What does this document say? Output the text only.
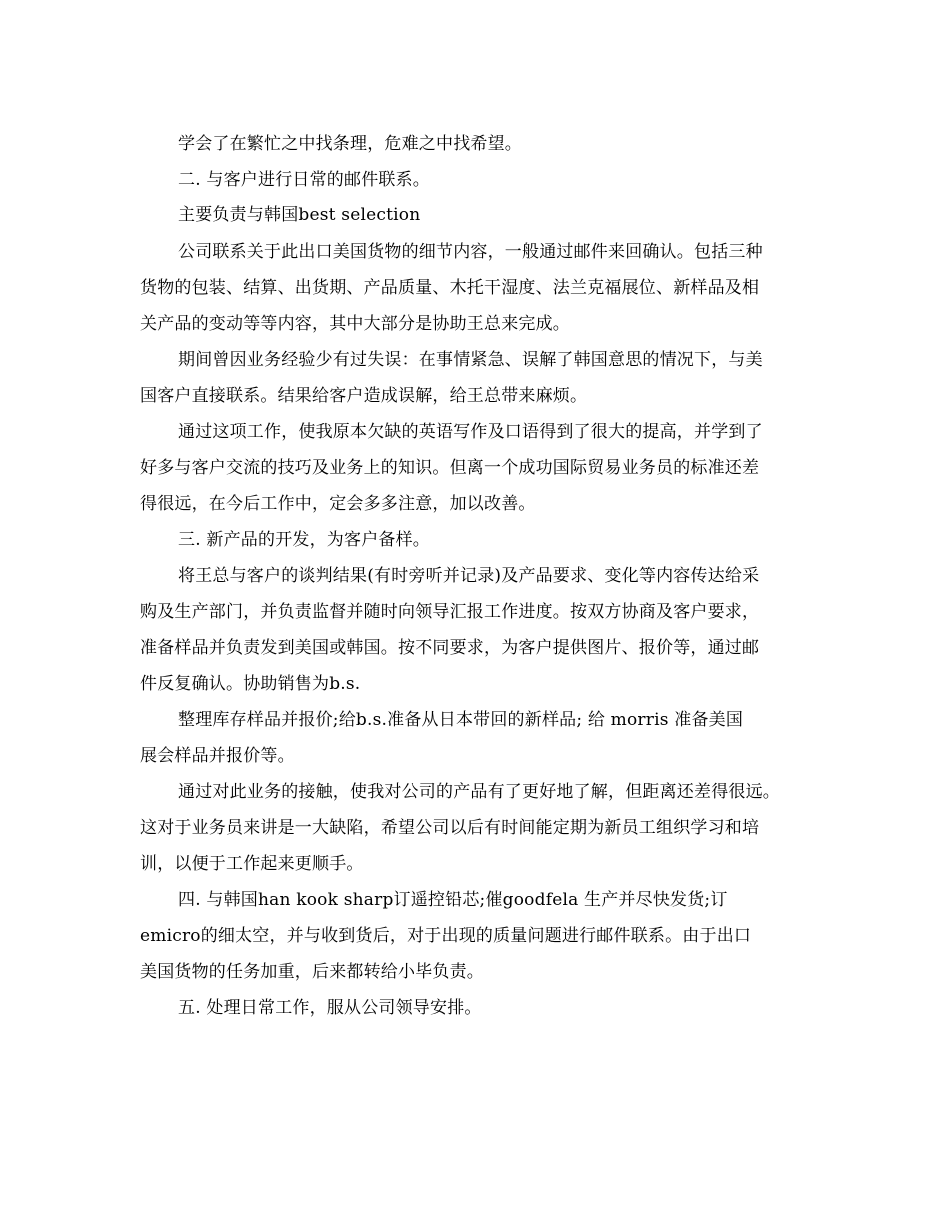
学会了在繁忙之中找条理，危难之中找希望。
二. 与客户进行日常的邮件联系。
主要负责与韩国best selection
公司联系关于此出口美国货物的细节内容，一般通过邮件来回确认。包括三种
货物的包装、结算、出货期、产品质量、木托干湿度、法兰克福展位、新样品及相
关产品的变动等等内容，其中大部分是协助王总来完成。
期间曾因业务经验少有过失误：在事情紧急、误解了韩国意思的情况下，与美
国客户直接联系。结果给客户造成误解，给王总带来麻烦。
通过这项工作，使我原本欠缺的英语写作及口语得到了很大的提高，并学到了
好多与客户交流的技巧及业务上的知识。但离一个成功国际贸易业务员的标准还差
得很远，在今后工作中，定会多多注意，加以改善。
三. 新产品的开发，为客户备样。
将王总与客户的谈判结果(有时旁听并记录)及产品要求、变化等内容传达给采
购及生产部门，并负责监督并随时向领导汇报工作进度。按双方协商及客户要求，
准备样品并负责发到美国或韩国。按不同要求，为客户提供图片、报价等，通过邮
件反复确认。协助销售为b.s.
整理库存样品并报价;给b.s.准备从日本带回的新样品; 给 morris 准备美国
展会样品并报价等。
通过对此业务的接触，使我对公司的产品有了更好地了解，但距离还差得很远。
这对于业务员来讲是一大缺陷，希望公司以后有时间能定期为新员工组织学习和培
训，以便于工作起来更顺手。
四. 与韩国han kook sharp订遥控铅芯;催goodfela 生产并尽快发货;订
emicro的细太空，并与收到货后，对于出现的质量问题进行邮件联系。由于出口
美国货物的任务加重，后来都转给小毕负责。
五. 处理日常工作，服从公司领导安排。
